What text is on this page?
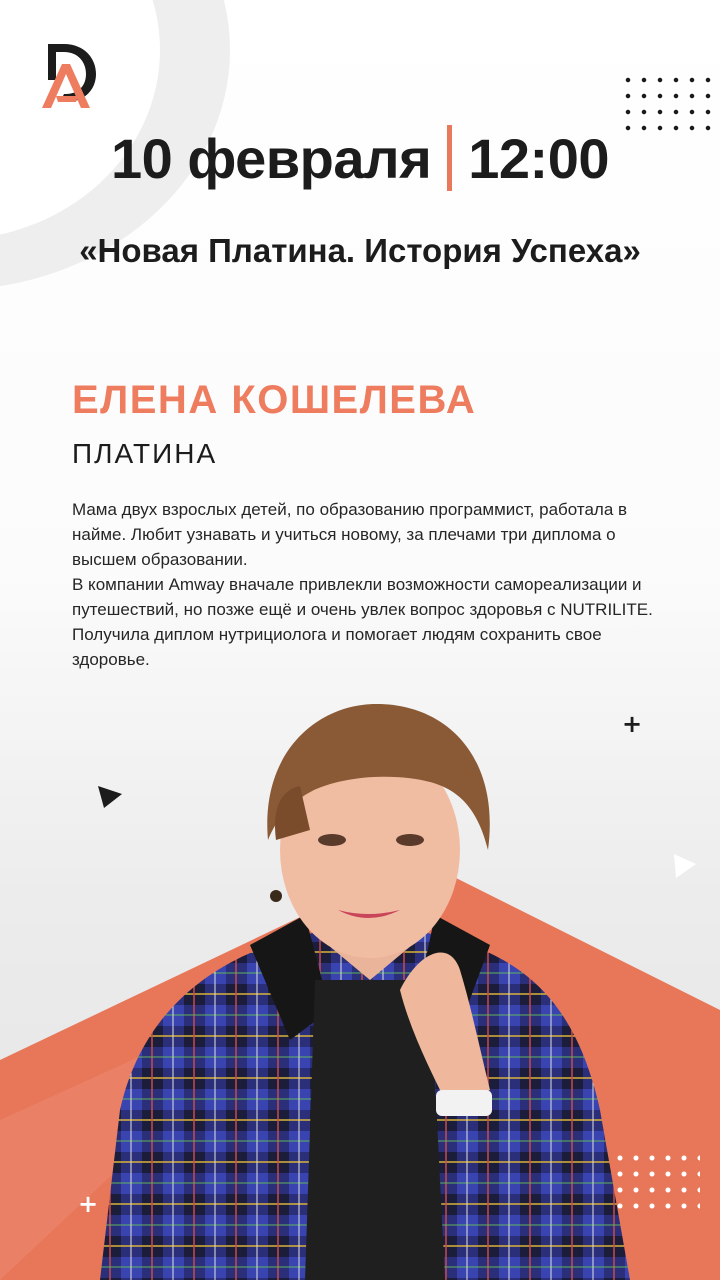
10 февраля 12:00
«Новая Платина. История Успеха»
ЕЛЕНА КОШЕЛЕВА
ПЛАТИНА

Мама двух взрослых детей, по образованию программист, работала в найме. Любит узнавать и учиться новому, за плечами три диплома о высшем образовании.

В компании Amway вначале привлекли возможности самореализации и путешествий, но позже ещё и очень увлек вопрос здоровья с NUTRILITE. Получила диплом нутрициолога и помогает людям сохранить свое здоровье.

+
+
